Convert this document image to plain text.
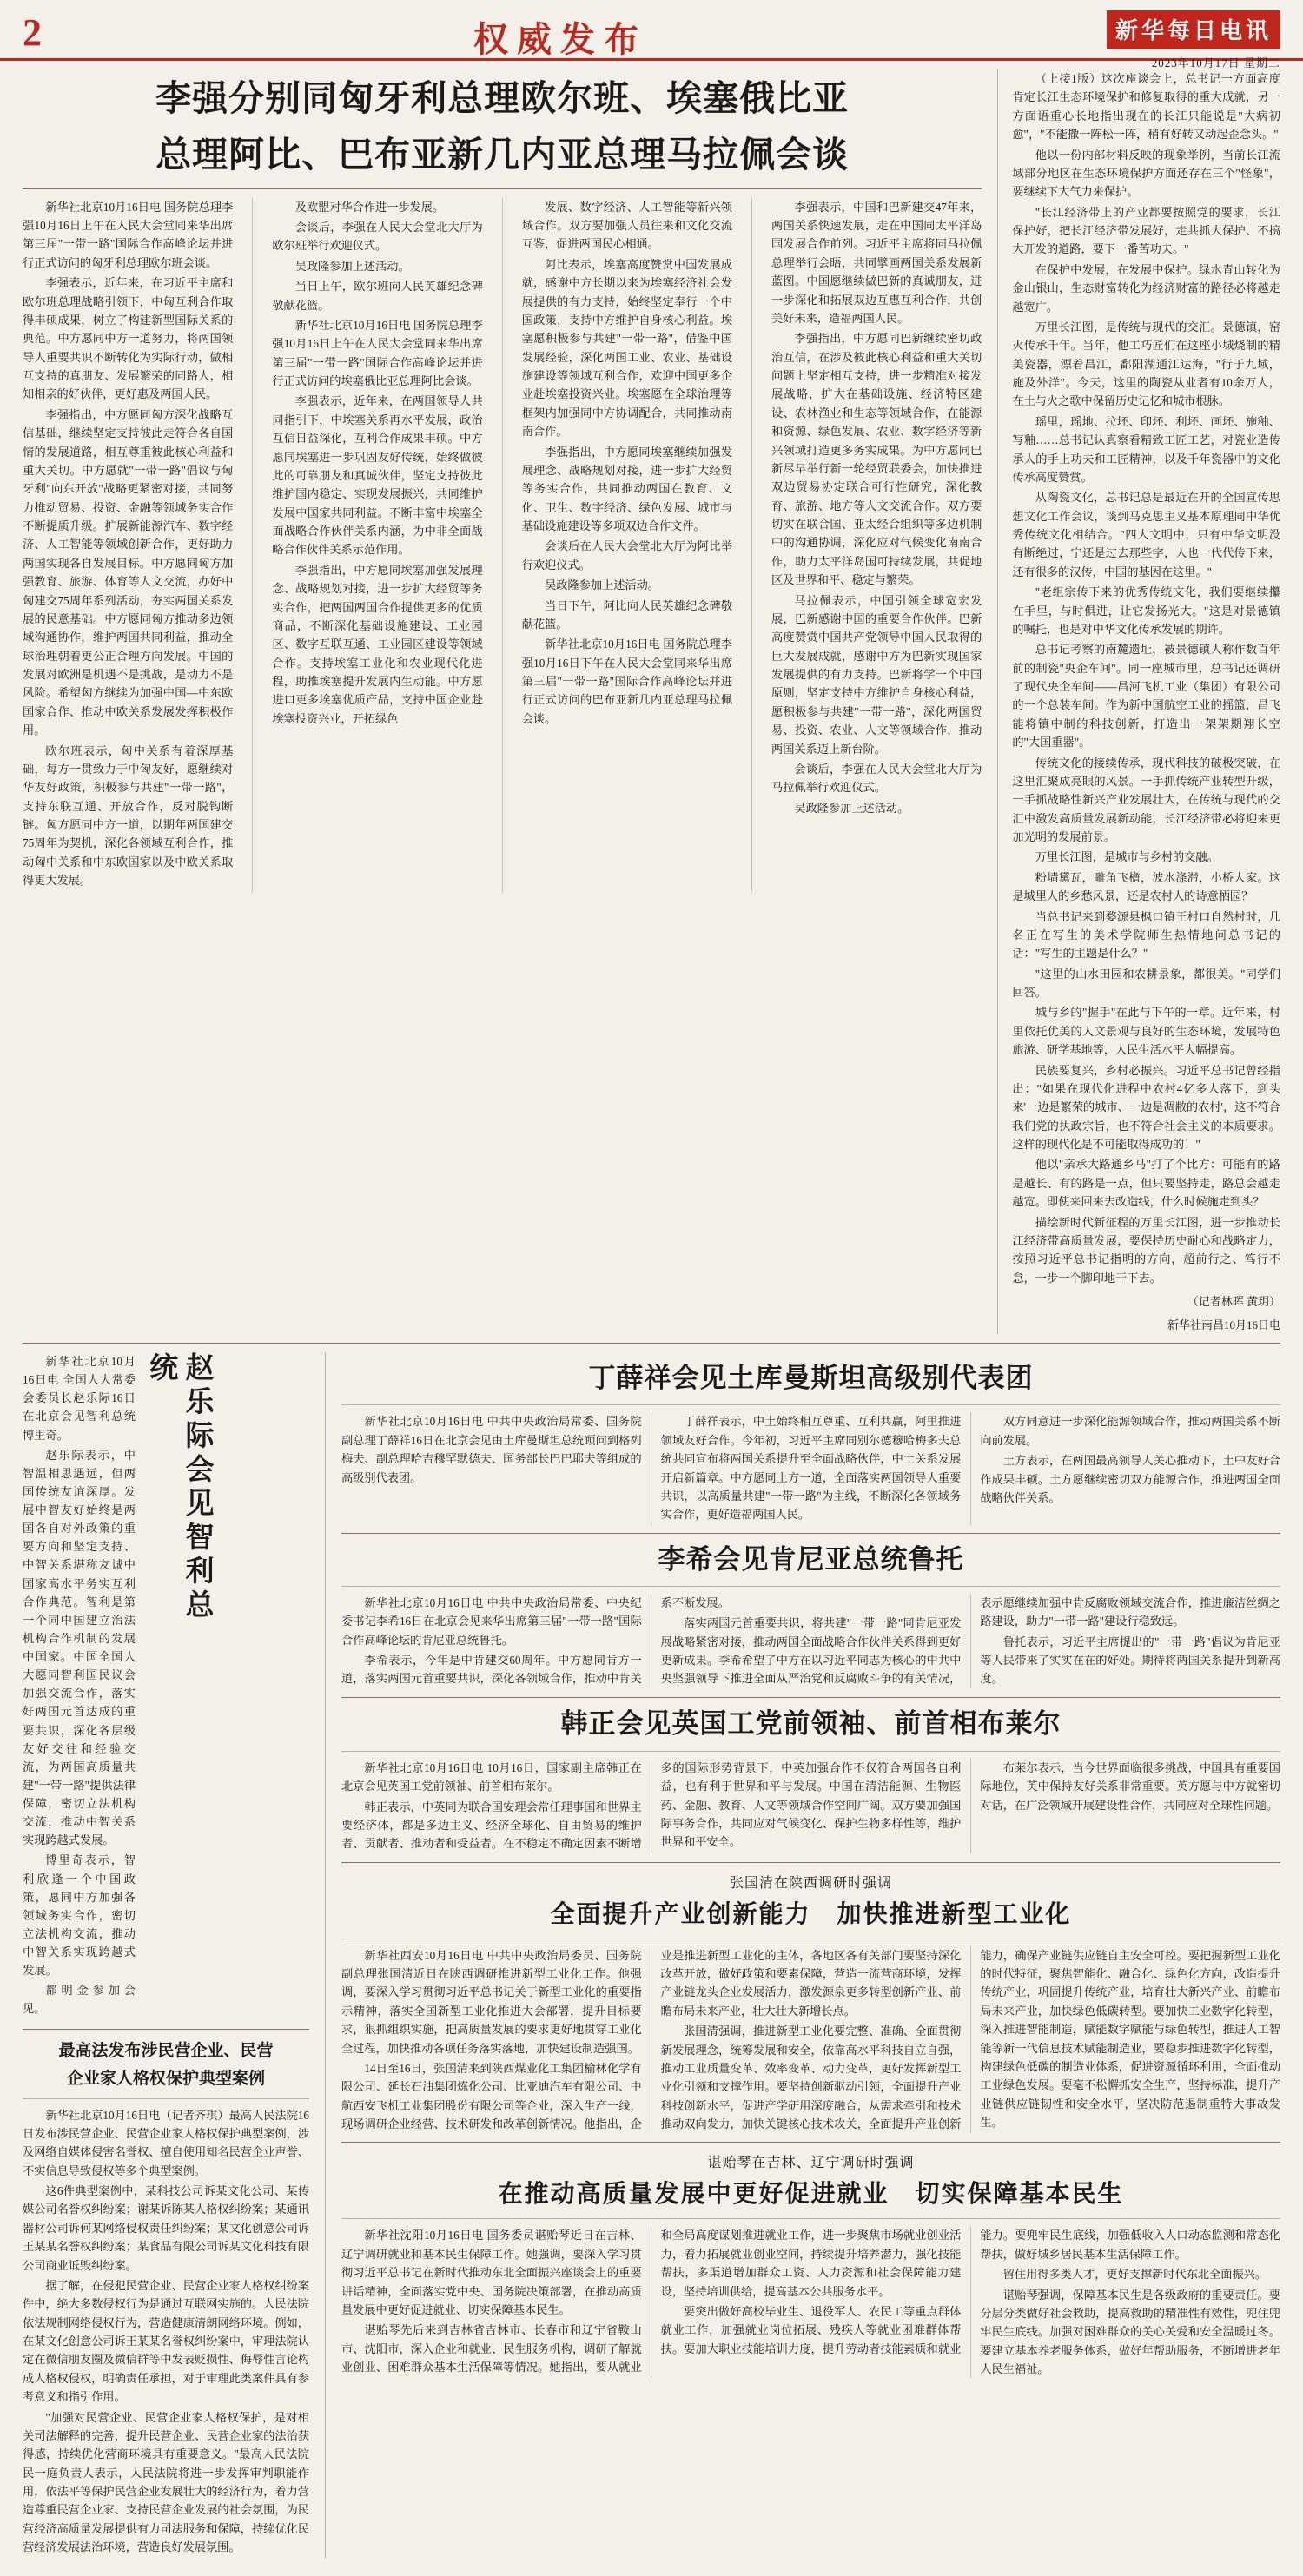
2	权威发布	新华每日电讯
2023年10月17日 星期二
李强分别同匈牙利总理欧尔班、埃塞俄比亚
总理阿比、巴布亚新几内亚总理马拉佩会谈

新华社北京10月16日电 国务院总理李强10月16日上午在人民大会堂同来华出席第三届"一带一路"国际合作高峰论坛并进行正式访问的匈牙利总理欧尔班会谈。

李强表示，近年来，在习近平主席和欧尔班总理战略引领下，中匈互利合作取得丰硕成果，树立了构建新型国际关系的典范。中方愿同中方一道努力，将两国领导人重要共识不断转化为实际行动，做相互支持的真朋友、发展繁荣的同路人，相知相亲的好伙伴，更好惠及两国人民。

李强指出，中方愿同匈方深化战略互信基础，继续坚定支持彼此走符合各自国情的发展道路，相互尊重彼此核心利益和重大关切。中方愿就"一带一路"倡议与匈牙利"向东开放"战略更紧密对接，共同努力推动贸易、投资、金融等领域务实合作不断提质升级。扩展新能源汽车、数字经济、人工智能等领域创新合作，更好助力两国实现各自发展目标。中方愿同匈方加强教育、旅游、体育等人文交流，办好中匈建交75周年系列活动，夯实两国关系发展的民意基础。中方愿同匈方推动多边领域沟通协作，维护两国共同利益，推动全球治理朝着更公正合理方向发展。中国的发展对欧洲是机遇不是挑战，是动力不是风险。希望匈方继续为加强中国—中东欧国家合作、推动中欧关系发展发挥积极作用。

欧尔班表示，匈中关系有着深厚基础，每方一贯致力于中匈友好，愿继续对华友好政策，积极参与共建"一带一路"，支持东联互通、开放合作，反对脱钩断链。匈方愿同中方一道，以期年两国建交75周年为契机，深化各领域互利合作，推动匈中关系和中东欧国家以及中欧关系取得更大发展。

及欧盟对华合作进一步发展。

会谈后，李强在人民大会堂北大厅为欧尔班举行欢迎仪式。

吴政隆参加上述活动。

当日上午，欧尔班向人民英雄纪念碑敬献花篮。

新华社北京10月16日电 国务院总理李强10月16日上午在人民大会堂同来华出席第三届"一带一路"国际合作高峰论坛并进行正式访问的埃塞俄比亚总理阿比会谈。

李强表示，近年来，在两国领导人共同指引下，中埃塞关系再水平发展，政治互信日益深化，互利合作成果丰硕。中方愿同埃塞进一步巩固友好传统，始终做彼此的可靠朋友和真诚伙伴，坚定支持彼此维护国内稳定、实现发展振兴，共同维护发展中国家共同利益。不断丰富中埃塞全面战略合作伙伴关系内涵，为中非全面战略合作伙伴关系示范作用。

李强指出，中方愿同埃塞加强发展理念、战略规划对接，进一步扩大经贸等务实合作，把两国两国合作提供更多的优质商品，不断深化基础设施建设、工业园区、数字互联互通、工业园区建设等领域合作。支持埃塞工业化和农业现代化进程，助推埃塞提升发展内生动能。中方愿进口更多埃塞优质产品，支持中国企业赴埃塞投资兴业，开拓绿色

发展、数字经济、人工智能等新兴领域合作。双方要加强人员往来和文化交流互鉴，促进两国民心相通。

阿比表示，埃塞高度赞赏中国发展成就，感谢中方长期以来为埃塞经济社会发展提供的有力支持，始终坚定奉行一个中国政策，支持中方维护自身核心利益。埃塞愿积极参与共建"一带一路"，借鉴中国发展经验，深化两国工业、农业、基础设施建设等领域互利合作，欢迎中国更多企业赴埃塞投资兴业。埃塞愿在全球治理等框架内加强同中方协调配合，共同推动南南合作。

李强指出，中方愿同埃塞继续加强发展理念、战略规划对接，进一步扩大经贸等务实合作，共同推动两国在教育、文化、卫生、数字经济、绿色发展、城市与基础设施建设等多项双边合作文件。

会谈后在人民大会堂北大厅为阿比举行欢迎仪式。

吴政隆参加上述活动。

当日下午，阿比向人民英雄纪念碑敬献花篮。

新华社北京10月16日电 国务院总理李强10月16日下午在人民大会堂同来华出席第三届"一带一路"国际合作高峰论坛并进行正式访问的巴布亚新几内亚总理马拉佩会谈。

李强表示，中国和巴新建交47年来，两国关系快速发展，走在中国同太平洋岛国发展合作前列。习近平主席将同马拉佩总理举行会晤，共同擘画两国关系发展新蓝图。中国愿继续做巴新的真诚朋友，进一步深化和拓展双边互惠互利合作，共创美好未来，造福两国人民。

李强指出，中方愿同巴新继续密切政治互信，在涉及彼此核心利益和重大关切问题上坚定相互支持，进一步精准对接发展战略，扩大在基础设施、经济特区建设、农林渔业和生态等领域合作，在能源和资源、绿色发展、农业、数字经济等新兴领域打造更多务实成果。为中方愿同巴新尽早举行新一轮经贸联委会，加快推进双边贸易协定联合可行性研究，深化教育、旅游、地方等人文交流合作。双方要切实在联合国、亚太经合组织等多边机制中的沟通协调，深化应对气候变化南南合作，助力太平洋岛国可持续发展，共促地区及世界和平、稳定与繁荣。

马拉佩表示，中国引领全球宽宏发展，巴新感谢中国的重要合作伙伴。巴新高度赞赏中国共产党领导中国人民取得的巨大发展成就，感谢中方为巴新实现国家发展提供的有力支持。巴新将学一个中国原则，坚定支持中方维护自身核心利益，愿积极参与共建"一带一路"，深化两国贸易、投资、农业、人文等领域合作，推动两国关系迈上新台阶。

会谈后，李强在人民大会堂北大厅为马拉佩举行欢迎仪式。

吴政隆参加上述活动。

（上接1版）这次座谈会上，总书记一方面高度肯定长江生态环境保护和修复取得的重大成就，另一方面语重心长地指出现在的长江只能说是"大病初愈"，"不能撒一阵松一阵，稍有好转又动起歪念头。"

他以一份内部材料反映的现象举例，当前长江流域部分地区在生态环境保护方面还存在三个"怪象"，要继续下大气力来保护。

"长江经济带上的产业都要按照党的要求，长江保护好，把长江经济带发展好，走共抓大保护、不搞大开发的道路，要下一番苦功夫。"

在保护中发展，在发展中保护。绿水青山转化为金山银山，生态财富转化为经济财富的路径必将越走越宽广。

万里长江图，是传统与现代的交汇。景德镇，窑火传承千年。当年，他工巧匠们在这座小城烧制的精美瓷器，漂着昌江，鄱阳湖通江达海，"行于九域，施及外洋"。今天，这里的陶瓷从业者有10余万人，在土与火之歌中保留历史记忆和城市根脉。

瑶里，瑶地、拉坯、印坯、利坯、画坯、施釉、写釉……总书记认真察看精致工匠工艺，对瓷业造传承人的手上功夫和工匠精神，以及千年瓷器中的文化传承高度赞赏。

从陶瓷文化，总书记总是最近在开的全国宣传思想文化工作会议，谈到马克思主义基本原理同中华优秀传统文化相结合。"四大文明中，只有中华文明没有断绝过，宁还是过去那些字，人也一代代传下来，还有很多的汉传，中国的基因在这里。"

"老组宗传下来的优秀传统文化，我们要继续攥在手里，与时俱进，让它发扬光大。"这是对景德镇的嘱托，也是对中华文化传承发展的期许。

总书记考察的南麓遗址，被景德镇人称作数百年前的制瓷"央企车间"。同一座城市里，总书记还调研了现代央企车间——昌河飞机工业（集团）有限公司的一个总装车间。作为新中国航空工业的摇篮，昌飞能将镇中制的科技创新，打造出一架架期翔长空的"大国重器"。

传统文化的接续传承，现代科技的破极突破，在这里汇聚成亮眼的风景。一手抓传统产业转型升级，一手抓战略性新兴产业发展壮大，在传统与现代的交汇中激发高质量发展新动能，长江经济带必将迎来更加光明的发展前景。

万里长江图，是城市与乡村的交融。

粉墙黛瓦，雕角飞檐，波水涤滞，小桥人家。这是城里人的乡愁风景，还是农村人的诗意栖园？

当总书记来到婺源县枫口镇王村口自然村时，几名正在写生的美术学院师生热情地问总书记的话："写生的主题是什么？"

"这里的山水田园和农耕景象，都很美。"同学们回答。

城与乡的"握手"在此与下午的一章。近年来，村里依托优美的人文景观与良好的生态环境，发展特色旅游、研学基地等，人民生活水平大幅提高。

民族要复兴，乡村必振兴。习近平总书记曾经指出："如果在现代化进程中农村4亿多人落下，到头来'一边是繁荣的城市、一边是凋敝的农村'，这不符合我们党的执政宗旨，也不符合社会主义的本质要求。这样的现代化是不可能取得成功的！"

他以"亲承大路通乡马"打了个比方：可能有的路是越长、有的路是一点，但只要坚持走，路总会越走越宽。即使来回来去改造线，什么时候施走到头？

描绘新时代新征程的万里长江图，进一步推动长江经济带高质量发展，要保持历史耐心和战略定力，按照习近平总书记指明的方向，超前行之、笃行不怠，一步一个脚印地干下去。

（记者林晖 黄玥）
新华社南昌10月16日电

新华社北京10月16日电 全国人大常委会委员长赵乐际16日在北京会见智利总统博里奇。

赵乐际表示，中智温相思遇远，但两国传统友谊深厚。发展中智友好始终是两国各自对外政策的重要方向和坚定支持、中智关系堪称友诚中国家高水平务实互利合作典范。智利是第一个同中国建立治法机构合作机制的发展中国家。中国全国人大愿同智利国民议会加强交流合作，落实好两国元首达成的重要共识，深化各层级友好交往和经验交流，为两国高质量共建"一带一路"提供法律保障，密切立法机构交流，推动中智关系实现跨越式发展。

博里奇表示，智利欣逢一个中国政策，愿同中方加强各领域务实合作，密切立法机构交流，推动中智关系实现跨越式发展。

都明金参加会见。

赵乐际会见智利总统
最高法发布涉民营企业、民营
企业家人格权保护典型案例

新华社北京10月16日电（记者齐琪）最高人民法院16日发布涉民营企业、民营企业家人格权保护典型案例，涉及网络自媒体侵害名誉权、擅自使用知名民营企业声誉、不实信息导致侵权等多个典型案例。

这6件典型案例中，某科技公司诉某文化公司、某传媒公司名誉权纠纷案；谢某诉陈某人格权纠纷案；某通讯器材公司诉何某网络侵权责任纠纷案；某文化创意公司诉王某某名誉权纠纷案；某食品有限公司诉某文化科技有限公司商业诋毁纠纷案。

据了解，在侵犯民营企业、民营企业家人格权纠纷案件中，绝大多数侵权行为是通过互联网实施的。人民法院依法规制网络侵权行为，营造健康清朗网络环境。例如，在某文化创意公司诉王某某名誉权纠纷案中，审理法院认定在微信朋友圈及微信群等中发表贬损性、侮辱性言论构成人格权侵权，明确责任承担，对于审理此类案件具有参考意义和指引作用。

"加强对民营企业、民营企业家人格权保护，是对相关司法解释的完善，提升民营企业、民营企业家的法治获得感，持续优化营商环境具有重要意义。"最高人民法院民一庭负责人表示，人民法院将进一步发挥审判职能作用，依法平等保护民营企业发展壮大的经济行为，着力营造尊重民营企业家、支持民营企业发展的社会氛围，为民营经济高质量发展提供有力司法服务和保障，持续优化民营经济发展法治环境，营造良好发展氛围。

丁薛祥会见土库曼斯坦高级别代表团

新华社北京10月16日电 中共中央政治局常委、国务院副总理丁薛祥16日在北京会见由土库曼斯坦总统顾问到格列梅夫、副总理哈吉穆罕默德夫、国务部长巴巴耶夫等组成的高级别代表团。

丁薛祥表示，中土始终相互尊重、互利共赢，阿里推进领域友好合作。今年初，习近平主席同别尔德穆哈梅多夫总统共同宣布将两国关系提升至全面战略伙伴，中土关系发展开启新篇章。中方愿同土方一道，全面落实两国领导人重要共识，以高质量共建"一带一路"为主线，不断深化各领域务实合作，更好造福两国人民。

双方同意进一步深化能源领域合作，推动两国关系不断向前发展。

土方表示，在两国最高领导人关心推动下，土中友好合作成果丰硕。土方愿继续密切双方能源合作，推进两国全面战略伙伴关系。

李希会见肯尼亚总统鲁托

新华社北京10月16日电 中共中央政治局常委、中央纪委书记李希16日在北京会见来华出席第三届"一带一路"国际合作高峰论坛的肯尼亚总统鲁托。

李希表示，今年是中肯建交60周年。中方愿同肯方一道，落实两国元首重要共识，深化各领域合作，推动中肯关系不断发展。

落实两国元首重要共识，将共建"一带一路"同肯尼亚发展战略紧密对接，推动两国全面战略合作伙伴关系得到更好更新成果。李希希望了中方在以习近平同志为核心的中共中央坚强领导下推进全面从严治党和反腐败斗争的有关情况，表示愿继续加强中肯反腐败领域交流合作，推进廉洁丝绸之路建设，助力"一带一路"建设行稳致远。

鲁托表示，习近平主席提出的"一带一路"倡议为肯尼亚等人民带来了实实在在的好处。期待将两国关系提升到新高度。

韩正会见英国工党前领袖、前首相布莱尔

新华社北京10月16日电 10月16日，国家副主席韩正在北京会见英国工党前领袖、前首相布莱尔。

韩正表示，中英同为联合国安理会常任理事国和世界主要经济体，都是多边主义、经济全球化、自由贸易的维护者、贡献者、推动者和受益者。在不稳定不确定因素不断增多的国际形势背景下，中英加强合作不仅符合两国各自利益，也有利于世界和平与发展。中国在清洁能源、生物医药、金融、教育、人文等领域合作空间广阔。双方要加强国际事务合作，共同应对气候变化、保护生物多样性等，维护世界和平安全。

布莱尔表示，当今世界面临很多挑战，中国具有重要国际地位，英中保持友好关系非常重要。英方愿与中方就密切对话，在广泛领域开展建设性合作，共同应对全球性问题。

张国清在陕西调研时强调
全面提升产业创新能力　加快推进新型工业化

新华社西安10月16日电 中共中央政治局委员、国务院副总理张国清近日在陕西调研推进新型工业化工作。他强调，要深入学习贯彻习近平总书记关于新型工业化的重要指示精神，落实全国新型工业化推进大会部署，提升目标要求，狠抓组织实施，把高质量发展的要求更好地贯穿工业化全过程，加快推动各项任务落实落地，加快建设制造强国。

14日至16日，张国清来到陕西煤业化工集团榆林化学有限公司、延长石油集团炼化公司、比亚迪汽车有限公司、中航西安飞机工业集团股份有限公司等企业，深入生产一线，现场调研企业经营、技术研发和改革创新情况。他指出，企业是推进新型工业化的主体，各地区各有关部门要坚持深化改革开放，做好政策和要素保障，营造一流营商环境，发挥产业链龙头企业发展活力，激发源泉更多转型创新产业、前瞻布局未来产业，壮大壮大新增长点。

张国清强调，推进新型工业化要完整、准确、全面贯彻新发展理念，统筹发展和安全，依靠高水平科技自立自强，推动工业质量变革、效率变革、动力变革，更好发挥新型工业化引领和支撑作用。要坚持创新驱动引领，全面提升产业科技创新水平，促进产学研用深度融合，从需求牵引和技术推动双向发力，加快关键核心技术攻关，全面提升产业创新能力，确保产业链供应链自主安全可控。要把握新型工业化的时代特征，聚焦智能化、融合化、绿色化方向，改造提升传统产业，巩固提升传统产业，培育壮大新兴产业、前瞻布局未来产业，加快绿色低碳转型。要加快工业数字化转型，深入推进智能制造，赋能数字赋能与绿色转型，推进人工智能等新一代信息技术赋能制造业，要稳步推进数字化转型，构建绿色低碳的制造业体系，促进资源循环利用，全面推动工业绿色发展。要毫不松懈抓安全生产，坚持标准，提升产业链供应链韧性和安全水平，坚决防范遏制重特大事故发生。

谌贻琴在吉林、辽宁调研时强调
在推动高质量发展中更好促进就业　切实保障基本民生

新华社沈阳10月16日电 国务委员谌贻琴近日在吉林、辽宁调研就业和基本民生保障工作。她强调，要深入学习贯彻习近平总书记在新时代推动东北全面振兴座谈会上的重要讲话精神，全面落实党中央、国务院决策部署，在推动高质量发展中更好促进就业、切实保障基本民生。

谌贻琴先后来到吉林省吉林市、长春市和辽宁省鞍山市、沈阳市，深入企业和就业、民生服务机构，调研了解就业创业、困难群众基本生活保障等情况。她指出，要从就业和全局高度谋划推进就业工作，进一步聚焦市场就业创业活力，着力拓展就业创业空间，持续提升培养潜力，强化技能帮扶，多渠道增加群众工资、人力资源和社会保障能力建设，坚持培训供给，提高基本公共服务水平。

要突出做好高校毕业生、退役军人、农民工等重点群体就业工作，加强就业岗位拓展、残疾人等就业困难群体帮扶。要加大职业技能培训力度，提升劳动者技能素质和就业能力。要兜牢民生底线，加强低收入人口动态监测和常态化帮扶，做好城乡居民基本生活保障工作。

留住用得多类人才，更好支撑新时代东北全面振兴。

谌贻琴强调，保障基本民生是各级政府的重要责任。要分层分类做好社会救助，提高救助的精准性有效性，兜住兜牢民生底线。加强对困难群众的关心关爱和安全温暖过冬。要建立基本养老服务体系，做好年帮助服务，不断增进老年人民生福祉。
